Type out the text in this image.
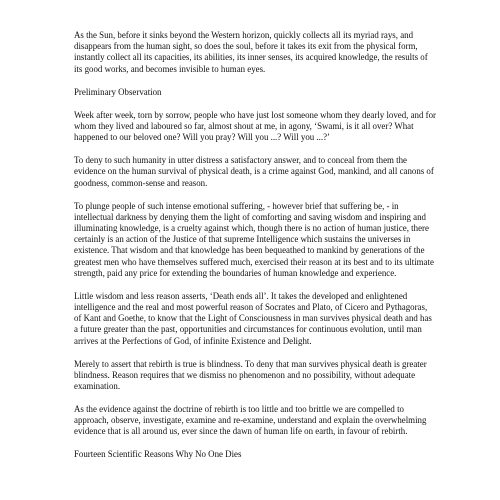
As the Sun, before it sinks beyond the Western horizon, quickly collects all its myriad rays, and disappears from the human sight, so does the soul, before it takes its exit from the physical form, instantly collect all its capacities, its abilities, its inner senses, its acquired knowledge, the results of its good works, and becomes invisible to human eyes.

Preliminary Observation

Week after week, torn by sorrow, people who have just lost someone whom they dearly loved, and for whom they lived and laboured so far, almost shout at me, in agony, ‘Swami, is it all over? What happened to our beloved one? Will you pray? Will you ...? Will you ...?’

To deny to such humanity in utter distress a satisfactory answer, and to conceal from them the evidence on the human survival of physical death, is a crime against God, mankind, and all canons of goodness, common-sense and reason.

To plunge people of such intense emotional suffering, - however brief that suffering be, - in intellectual darkness by denying them the light of comforting and saving wisdom and inspiring and illuminating knowledge, is a cruelty against which, though there is no action of human justice, there certainly is an action of the Justice of that supreme Intelligence which sustains the universes in existence. That wisdom and that knowledge has been bequeathed to mankind by generations of the greatest men who have themselves suffered much, exercised their reason at its best and to its ultimate strength, paid any price for extending the boundaries of human knowledge and experience.

Little wisdom and less reason asserts, ‘Death ends all’. It takes the developed and enlightened intelligence and the real and most powerful reason of Socrates and Plato, of Cicero and Pythagoras, of Kant and Goethe, to know that the Light of Consciousness in man survives physical death and has a future greater than the past, opportunities and circumstances for continuous evolution, until man arrives at the Perfections of God, of infinite Existence and Delight.

Merely to assert that rebirth is true is blindness. To deny that man survives physical death is greater blindness. Reason requires that we dismiss no phenomenon and no possibility, without adequate examination.

As the evidence against the doctrine of rebirth is too little and too brittle we are compelled to approach, observe, investigate, examine and re-examine, understand and explain the overwhelming evidence that is all around us, ever since the dawn of human life on earth, in favour of rebirth.

Fourteen Scientific Reasons Why No One Dies
